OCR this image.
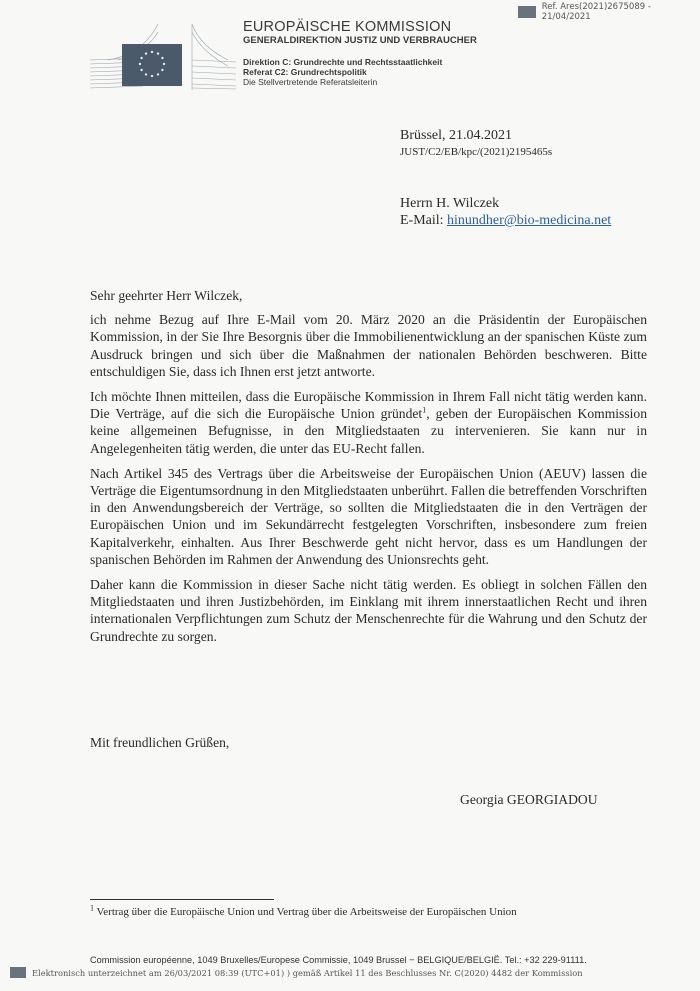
Ref. Ares(2021)2675089 - 21/04/2021
EUROPÄISCHE KOMMISSION
GENERALDIREKTION JUSTIZ UND VERBRAUCHER
Direktion C: Grundrechte und Rechtsstaatlichkeit
Referat C2: Grundrechtspolitik
Die Stellvertretende Referatsleiterin
Brüssel, 21.04.2021
JUST/C2/EB/kpc/(2021)2195465s
Herrn H. Wilczek
E-Mail: hinundher@bio-medicina.net

Sehr geehrter Herr Wilczek,

ich nehme Bezug auf Ihre E-Mail vom 20. März 2020 an die Präsidentin der Europäischen Kommission, in der Sie Ihre Besorgnis über die Immobilienentwicklung an der spanischen Küste zum Ausdruck bringen und sich über die Maßnahmen der nationalen Behörden beschweren. Bitte entschuldigen Sie, dass ich Ihnen erst jetzt antworte.

Ich möchte Ihnen mitteilen, dass die Europäische Kommission in Ihrem Fall nicht tätig werden kann. Die Verträge, auf die sich die Europäische Union gründet$^1$, geben der Europäischen Kommission keine allgemeinen Befugnisse, in den Mitgliedstaaten zu intervenieren. Sie kann nur in Angelegenheiten tätig werden, die unter das EU-Recht fallen.

Nach Artikel 345 des Vertrags über die Arbeitsweise der Europäischen Union (AEUV) lassen die Verträge die Eigentumsordnung in den Mitgliedstaaten unberührt. Fallen die betreffenden Vorschriften in den Anwendungsbereich der Verträge, so sollten die Mitgliedstaaten die in den Verträgen der Europäischen Union und im Sekundärrecht festgelegten Vorschriften, insbesondere zum freien Kapitalverkehr, einhalten. Aus Ihrer Beschwerde geht nicht hervor, dass es um Handlungen der spanischen Behörden im Rahmen der Anwendung des Unionsrechts geht.

Daher kann die Kommission in dieser Sache nicht tätig werden. Es obliegt in solchen Fällen den Mitgliedstaaten und ihren Justizbehörden, im Einklang mit ihrem innerstaatlichen Recht und ihren internationalen Verpflichtungen zum Schutz der Menschenrechte für die Wahrung und den Schutz der Grundrechte zu sorgen.

Mit freundlichen Grüßen,
Georgia GEORGIADOU
$^1$ Vertrag über die Europäische Union und Vertrag über die Arbeitsweise der Europäischen Union
Commission européenne, 1049 Bruxelles/Europese Commissie, 1049 Brussel − BELGIQUE/BELGIË. Tel.: +32 229-91111.
Elektronisch unterzeichnet am 26/03/2021 08:39 (UTC+01) ) gemäß Artikel 11 des Beschlusses Nr. C(2020) 4482 der Kommission
